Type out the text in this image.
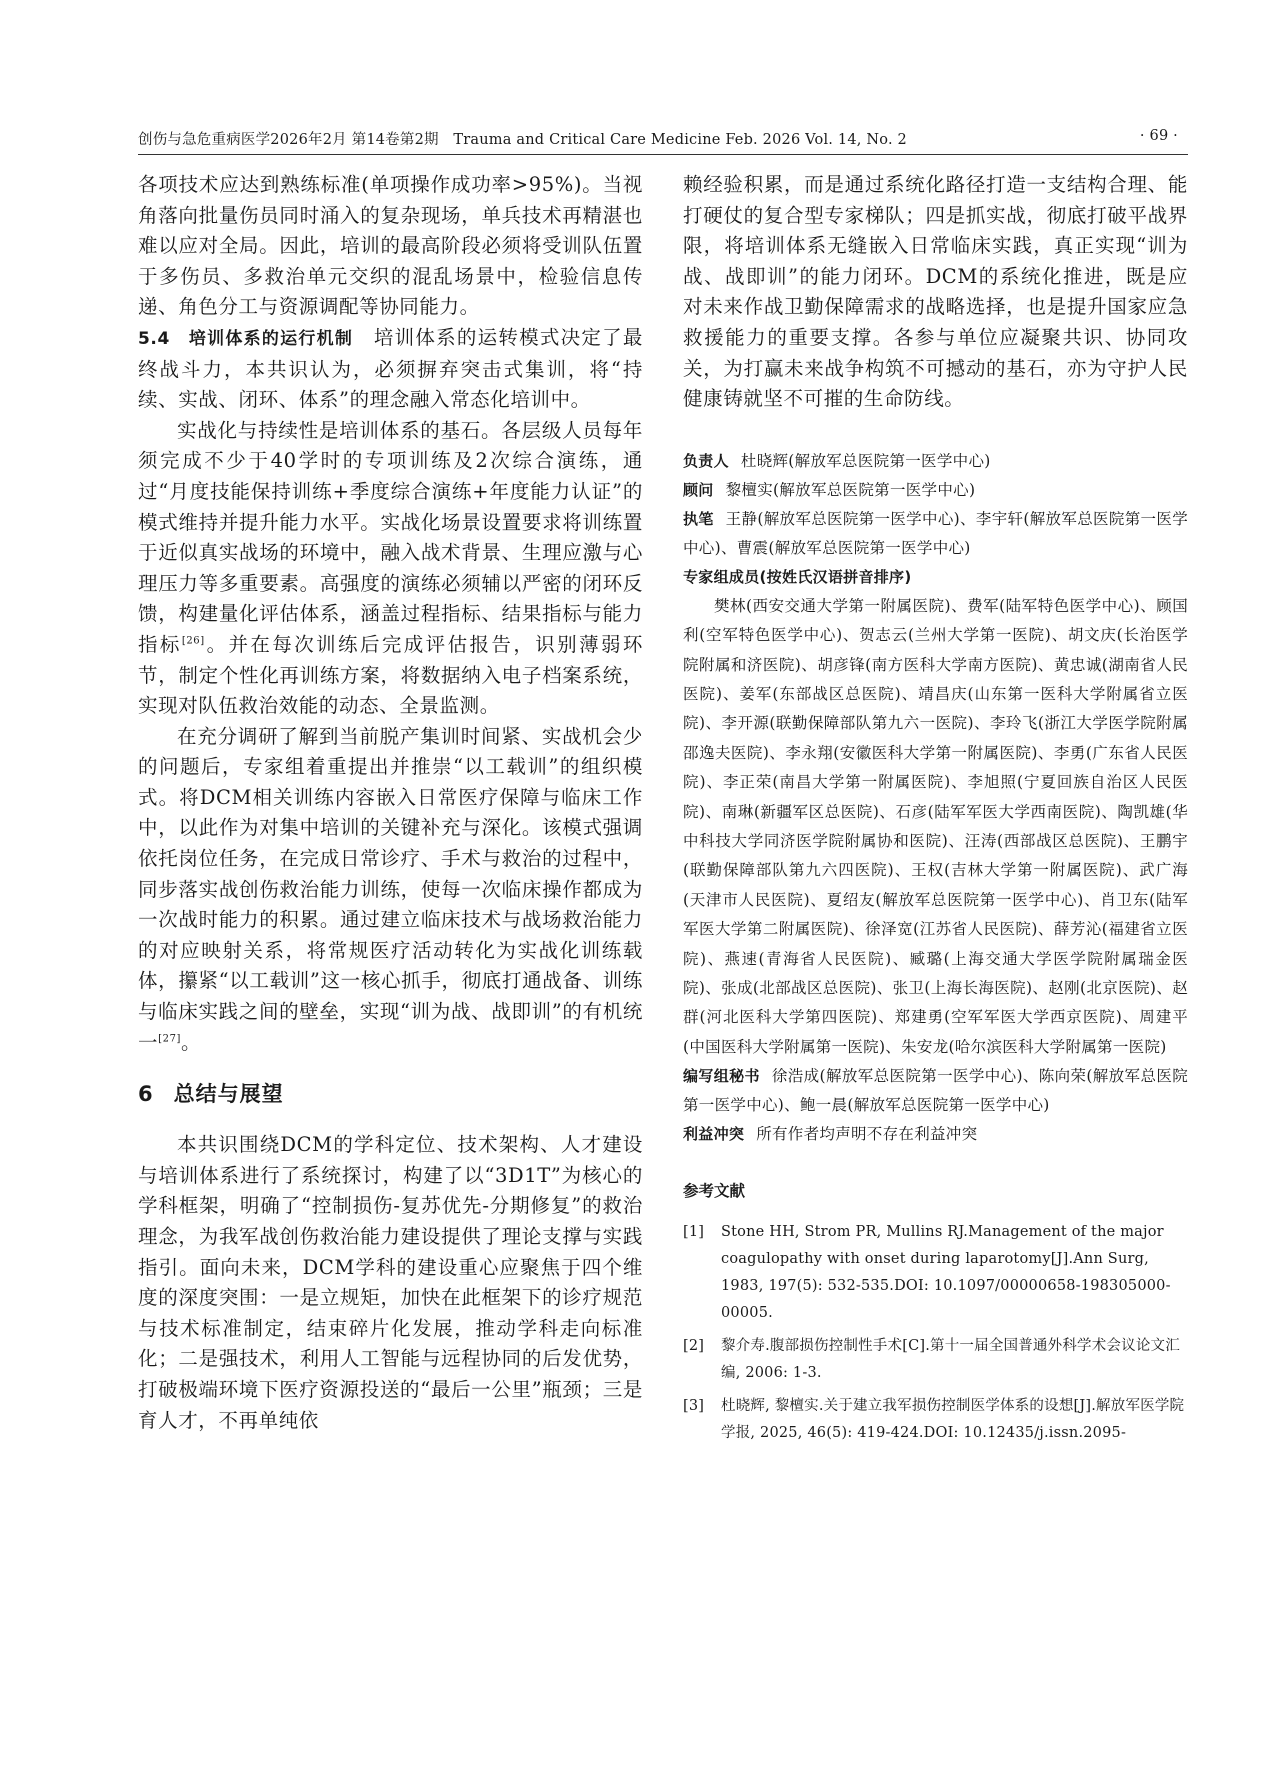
创伤与急危重病医学2026年2月 第14卷第2期　 Trauma and Critical Care Medicine Feb. 2026 Vol. 14, No. 2	· 69 ·

各项技术应达到熟练标准(单项操作成功率>95%)。当视角落向批量伤员同时涌入的复杂现场，单兵技术再精湛也难以应对全局。因此，培训的最高阶段必须将受训队伍置于多伤员、多救治单元交织的混乱场景中，检验信息传递、角色分工与资源调配等协同能力。

5.4　培训体系的运行机制　培训体系的运转模式决定了最终战斗力，本共识认为，必须摒弃突击式集训，将“持续、实战、闭环、体系”的理念融入常态化培训中。

实战化与持续性是培训体系的基石。各层级人员每年须完成不少于40学时的专项训练及2次综合演练，通过“月度技能保持训练+季度综合演练+年度能力认证”的模式维持并提升能力水平。实战化场景设置要求将训练置于近似真实战场的环境中，融入战术背景、生理应激与心理压力等多重要素。高强度的演练必须辅以严密的闭环反馈，构建量化评估体系，涵盖过程指标、结果指标与能力指标[26]。并在每次训练后完成评估报告，识别薄弱环节，制定个性化再训练方案，将数据纳入电子档案系统，实现对队伍救治效能的动态、全景监测。

在充分调研了解到当前脱产集训时间紧、实战机会少的问题后，专家组着重提出并推崇“以工载训”的组织模式。将DCM相关训练内容嵌入日常医疗保障与临床工作中，以此作为对集中培训的关键补充与深化。该模式强调依托岗位任务，在完成日常诊疗、手术与救治的过程中，同步落实战创伤救治能力训练，使每一次临床操作都成为一次战时能力的积累。通过建立临床技术与战场救治能力的对应映射关系，将常规医疗活动转化为实战化训练载体，攥紧“以工载训”这一核心抓手，彻底打通战备、训练与临床实践之间的壁垒，实现“训为战、战即训”的有机统一[27]。

6 总结与展望

本共识围绕DCM的学科定位、技术架构、人才建设与培训体系进行了系统探讨，构建了以“3D1T”为核心的学科框架，明确了“控制损伤-复苏优先-分期修复”的救治理念，为我军战创伤救治能力建设提供了理论支撑与实践指引。面向未来，DCM学科的建设重心应聚焦于四个维度的深度突围：一是立规矩，加快在此框架下的诊疗规范与技术标准制定，结束碎片化发展，推动学科走向标准化；二是强技术，利用人工智能与远程协同的后发优势，打破极端环境下医疗资源投送的“最后一公里”瓶颈；三是育人才，不再单纯依

赖经验积累，而是通过系统化路径打造一支结构合理、能打硬仗的复合型专家梯队；四是抓实战，彻底打破平战界限，将培训体系无缝嵌入日常临床实践，真正实现“训为战、战即训”的能力闭环。DCM的系统化推进，既是应对未来作战卫勤保障需求的战略选择，也是提升国家应急救援能力的重要支撑。各参与单位应凝聚共识、协同攻关，为打赢未来战争构筑不可撼动的基石，亦为守护人民健康铸就坚不可摧的生命防线。

负责人 杜晓辉(解放军总医院第一医学中心)

顾问 黎檀实(解放军总医院第一医学中心)

执笔 王静(解放军总医院第一医学中心)、李宇轩(解放军总医院第一医学中心)、曹震(解放军总医院第一医学中心)

专家组成员(按姓氏汉语拼音排序)

樊林(西安交通大学第一附属医院)、费军(陆军特色医学中心)、顾国利(空军特色医学中心)、贺志云(兰州大学第一医院)、胡文庆(长治医学院附属和济医院)、胡彦锋(南方医科大学南方医院)、黄忠诚(湖南省人民医院)、姜军(东部战区总医院)、靖昌庆(山东第一医科大学附属省立医院)、李开源(联勤保障部队第九六一医院)、李玲飞(浙江大学医学院附属邵逸夫医院)、李永翔(安徽医科大学第一附属医院)、李勇(广东省人民医院)、李正荣(南昌大学第一附属医院)、李旭照(宁夏回族自治区人民医院)、南琳(新疆军区总医院)、石彦(陆军军医大学西南医院)、陶凯雄(华中科技大学同济医学院附属协和医院)、汪涛(西部战区总医院)、王鹏宇(联勤保障部队第九六四医院)、王权(吉林大学第一附属医院)、武广海(天津市人民医院)、夏绍友(解放军总医院第一医学中心)、肖卫东(陆军军医大学第二附属医院)、徐泽宽(江苏省人民医院)、薛芳沁(福建省立医院)、燕速(青海省人民医院)、臧璐(上海交通大学医学院附属瑞金医院)、张成(北部战区总医院)、张卫(上海长海医院)、赵刚(北京医院)、赵群(河北医科大学第四医院)、郑建勇(空军军医大学西京医院)、周建平(中国医科大学附属第一医院)、朱安龙(哈尔滨医科大学附属第一医院)

编写组秘书 徐浩成(解放军总医院第一医学中心)、陈向荣(解放军总医院第一医学中心)、鲍一晨(解放军总医院第一医学中心)

利益冲突 所有作者均声明不存在利益冲突

参考文献

[1] Stone HH, Strom PR, Mullins RJ.Management of the major coagulopathy with onset during laparotomy[J].Ann Surg, 1983, 197(5): 532-535.DOI: 10.1097/00000658-198305000-00005.

[2] 黎介寿.腹部损伤控制性手术[C].第十一届全国普通外科学术会议论文汇编, 2006: 1-3.

[3] 杜晓辉, 黎檀实.关于建立我军损伤控制医学体系的设想[J].解放军医学院学报, 2025, 46(5): 419-424.DOI: 10.12435/j.issn.2095-
